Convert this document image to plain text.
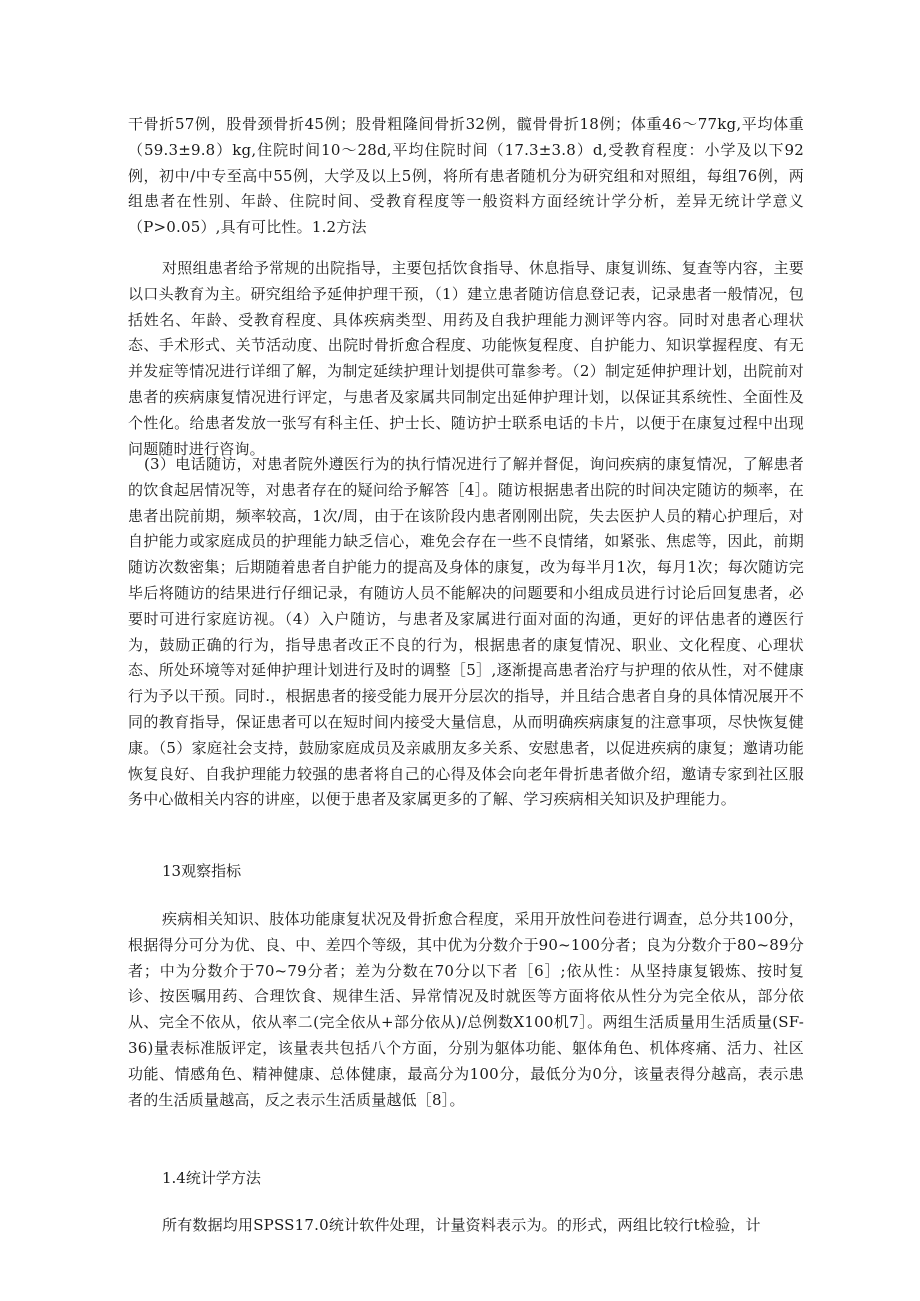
干骨折57例，股骨颈骨折45例；股骨粗隆间骨折32例，髋骨骨折18例；体重46～77kg,平均体重（59.3±9.8）kg,住院时间10～28d,平均住院时间（17.3±3.8）d,受教育程度：小学及以下92例，初中/中专至高中55例，大学及以上5例，将所有患者随机分为研究组和对照组，每组76例，两组患者在性别、年龄、住院时间、受教育程度等一般资料方面经统计学分析，差异无统计学意义（P>0.05）,具有可比性。1.2方法

对照组患者给予常规的出院指导，主要包括饮食指导、休息指导、康复训练、复查等内容，主要以口头教育为主。研究组给予延伸护理干预，（1）建立患者随访信息登记表，记录患者一般情况，包括姓名、年龄、受教育程度、具体疾病类型、用药及自我护理能力测评等内容。同时对患者心理状态、手术形式、关节活动度、出院时骨折愈合程度、功能恢复程度、自护能力、知识掌握程度、有无并发症等情况进行详细了解，为制定延续护理计划提供可靠参考。（2）制定延伸护理计划，出院前对患者的疾病康复情况进行评定，与患者及家属共同制定出延伸护理计划，以保证其系统性、全面性及个性化。给患者发放一张写有科主任、护士长、随访护士联系电话的卡片，以便于在康复过程中出现问题随时进行咨询。

(3）电话随访，对患者院外遵医行为的执行情况进行了解并督促，询问疾病的康复情况，了解患者的饮食起居情况等，对患者存在的疑问给予解答［4］。随访根据患者出院的时间决定随访的频率，在患者出院前期，频率较高，1次/周，由于在该阶段内患者刚刚出院，失去医护人员的精心护理后，对自护能力或家庭成员的护理能力缺乏信心，难免会存在一些不良情绪，如紧张、焦虑等，因此，前期随访次数密集；后期随着患者自护能力的提高及身体的康复，改为每半月1次，每月1次；每次随访完毕后将随访的结果进行仔细记录，有随访人员不能解决的问题要和小组成员进行讨论后回复患者，必要时可进行家庭访视。（4）入户随访，与患者及家属进行面对面的沟通，更好的评估患者的遵医行为，鼓励正确的行为，指导患者改正不良的行为，根据患者的康复情况、职业、文化程度、心理状态、所处环境等对延伸护理计划进行及时的调整［5］,逐渐提高患者治疗与护理的依从性，对不健康行为予以干预。同时.，根据患者的接受能力展开分层次的指导，并且结合患者自身的具体情况展开不同的教育指导，保证患者可以在短时间内接受大量信息，从而明确疾病康复的注意事项，尽快恢复健康。（5）家庭社会支持，鼓励家庭成员及亲戚朋友多关系、安慰患者，以促进疾病的康复；邀请功能恢复良好、自我护理能力较强的患者将自己的心得及体会向老年骨折患者做介绍，邀请专家到社区服务中心做相关内容的讲座，以便于患者及家属更多的了解、学习疾病相关知识及护理能力。

13观察指标

疾病相关知识、肢体功能康复状况及骨折愈合程度，采用开放性问卷进行调查，总分共100分，根据得分可分为优、良、中、差四个等级，其中优为分数介于90~100分者；良为分数介于80~89分者；中为分数介于70~79分者；差为分数在70分以下者［6］;依从性：从坚持康复锻炼、按时复诊、按医嘱用药、合理饮食、规律生活、异常情况及时就医等方面将依从性分为完全依从，部分依从、完全不依从，依从率二(完全依从+部分依从)/总例数X100机7］。两组生活质量用生活质量(SF-36)量表标准版评定，该量表共包括八个方面，分别为躯体功能、躯体角色、机体疼痛、活力、社区功能、情感角色、精神健康、总体健康，最高分为100分，最低分为0分，该量表得分越高，表示患者的生活质量越高，反之表示生活质量越低［8］。

1.4统计学方法

所有数据均用SPSS17.0统计软件处理，计量资料表示为。的形式，两组比较行t检验，计
